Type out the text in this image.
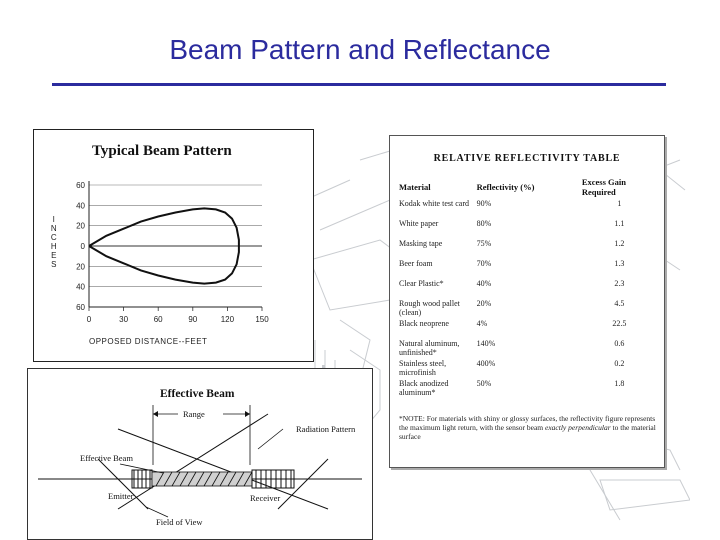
Beam Pattern and Reflectance
Typical Beam Pattern
60
40
20
0
20
40
60
0	30	60	90	120	150
I
N
C
H
E
S
OPPOSED DISTANCE--FEET
Effective Beam
Range
Radiation Pattern
Effective Beam
Emitter	Receiver
Field of View
RELATIVE REFLECTIVITY TABLE
Material	Reflectivity (%)	Excess Gain Required
Kodak white test card	90%	1
White paper	80%	1.1
Masking tape	75%	1.2
Beer foam	70%	1.3
Clear Plastic*	40%	2.3
Rough wood pallet (clean)	20%	4.5
Black neoprene	4%	22.5
Natural aluminum, unfinished*	140%	0.6
Stainless steel, microfinish	400%	0.2
Black anodized aluminum*	50%	1.8
*NOTE: For materials with shiny or glossy surfaces, the reflectivity figure represents the maximum light return, with the sensor beam exactly perpendicular to the material surface
